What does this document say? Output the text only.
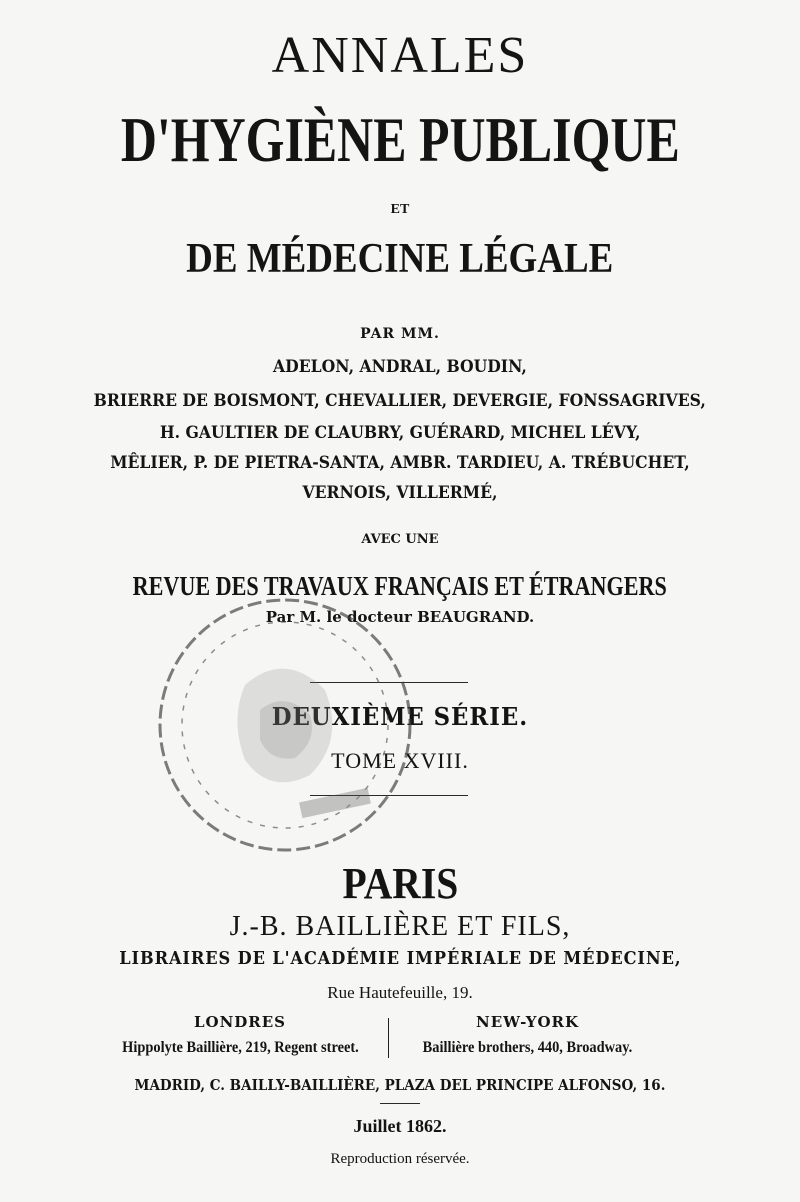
ANNALES
D'HYGIÈNE PUBLIQUE
ET
DE MÉDECINE LÉGALE
PAR MM.
ADELON, ANDRAL, BOUDIN,
BRIERRE DE BOISMONT, CHEVALLIER, DEVERGIE, FONSSAGRIVES,
H. GAULTIER DE CLAUBRY, GUÉRARD, MICHEL LÉVY,
MÊLIER, P. DE PIETRA-SANTA, AMBR. TARDIEU, A. TRÉBUCHET,
VERNOIS, VILLERMÉ,
AVEC UNE
REVUE DES TRAVAUX FRANÇAIS ET ÉTRANGERS
Par M. le docteur BEAUGRAND.
DEUXIÈME SÉRIE.
TOME XVIII.
PARIS
J.-B. BAILLIÈRE ET FILS,
LIBRAIRES DE L'ACADÉMIE IMPÉRIALE DE MÉDECINE,
Rue Hautefeuille, 19.
LONDRES
Hippolyte Baillière, 219, Regent street.
NEW-YORK
Baillière brothers, 440, Broadway.
MADRID, C. BAILLY-BAILLIÈRE, PLAZA DEL PRINCIPE ALFONSO, 16.
Juillet 1862.
Reproduction réservée.
